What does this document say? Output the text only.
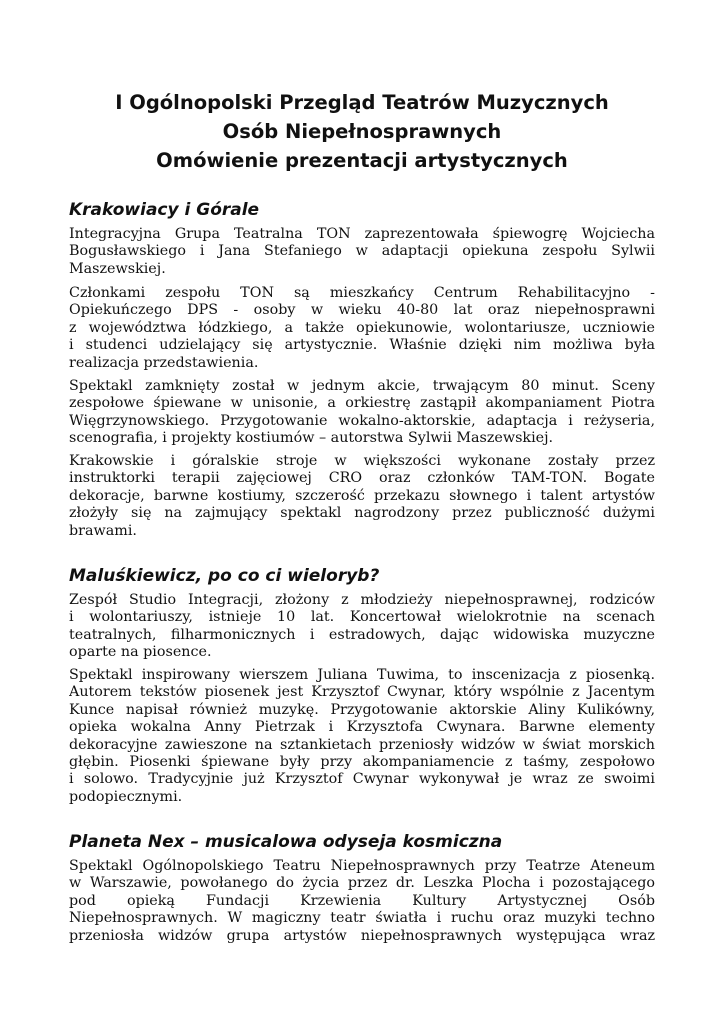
I Ogólnopolski Przegląd Teatrów Muzycznych
Osób Niepełnosprawnych
Omówienie prezentacji artystycznych
Krakowiacy i Górale
Integracyjna Grupa Teatralna TON zaprezentowała śpiewogrę Wojciecha
Bogusławskiego i Jana Stefaniego w adaptacji opiekuna zespołu Sylwii
Maszewskiej.
Członkami zespołu TON są mieszkańcy Centrum Rehabilitacyjno -
Opiekuńczego DPS - osoby w wieku 40-80 lat oraz niepełnosprawni
z województwa łódzkiego, a także opiekunowie, wolontariusze, uczniowie
i studenci udzielający się artystycznie. Właśnie dzięki nim możliwa była
realizacja przedstawienia.
Spektakl zamknięty został w jednym akcie, trwającym 80 minut. Sceny
zespołowe śpiewane w unisonie, a orkiestrę zastąpił akompaniament Piotra
Więgrzynowskiego. Przygotowanie wokalno-aktorskie, adaptacja i reżyseria,
scenografia, i projekty kostiumów – autorstwa Sylwii Maszewskiej.
Krakowskie i góralskie stroje w większości wykonane zostały przez
instruktorki terapii zajęciowej CRO oraz członków TAM-TON. Bogate
dekoracje, barwne kostiumy, szczerość przekazu słownego i talent artystów
złożyły się na zajmujący spektakl nagrodzony przez publiczność dużymi
brawami.
Maluśkiewicz, po co ci wieloryb?
Zespół Studio Integracji, złożony z młodzieży niepełnosprawnej, rodziców
i wolontariuszy, istnieje 10 lat. Koncertował wielokrotnie na scenach
teatralnych, filharmonicznych i estradowych, dając widowiska muzyczne
oparte na piosence.
Spektakl inspirowany wierszem Juliana Tuwima, to inscenizacja z piosenką.
Autorem tekstów piosenek jest Krzysztof Cwynar, który wspólnie z Jacentym
Kunce napisał również muzykę. Przygotowanie aktorskie Aliny Kulikówny,
opieka wokalna Anny Pietrzak i Krzysztofa Cwynara. Barwne elementy
dekoracyjne zawieszone na sztankietach przeniosły widzów w świat morskich
głębin. Piosenki śpiewane były przy akompaniamencie z taśmy, zespołowo
i solowo. Tradycyjnie już Krzysztof Cwynar wykonywał je wraz ze swoimi
podopiecznymi.
Planeta Nex – musicalowa odyseja kosmiczna
Spektakl Ogólnopolskiego Teatru Niepełnosprawnych przy Teatrze Ateneum
w Warszawie, powołanego do życia przez dr. Leszka Plocha i pozostającego
pod opieką Fundacji Krzewienia Kultury Artystycznej Osób
Niepełnosprawnych. W magiczny teatr światła i ruchu oraz muzyki techno
przeniosła widzów grupa artystów niepełnosprawnych występująca wraz
